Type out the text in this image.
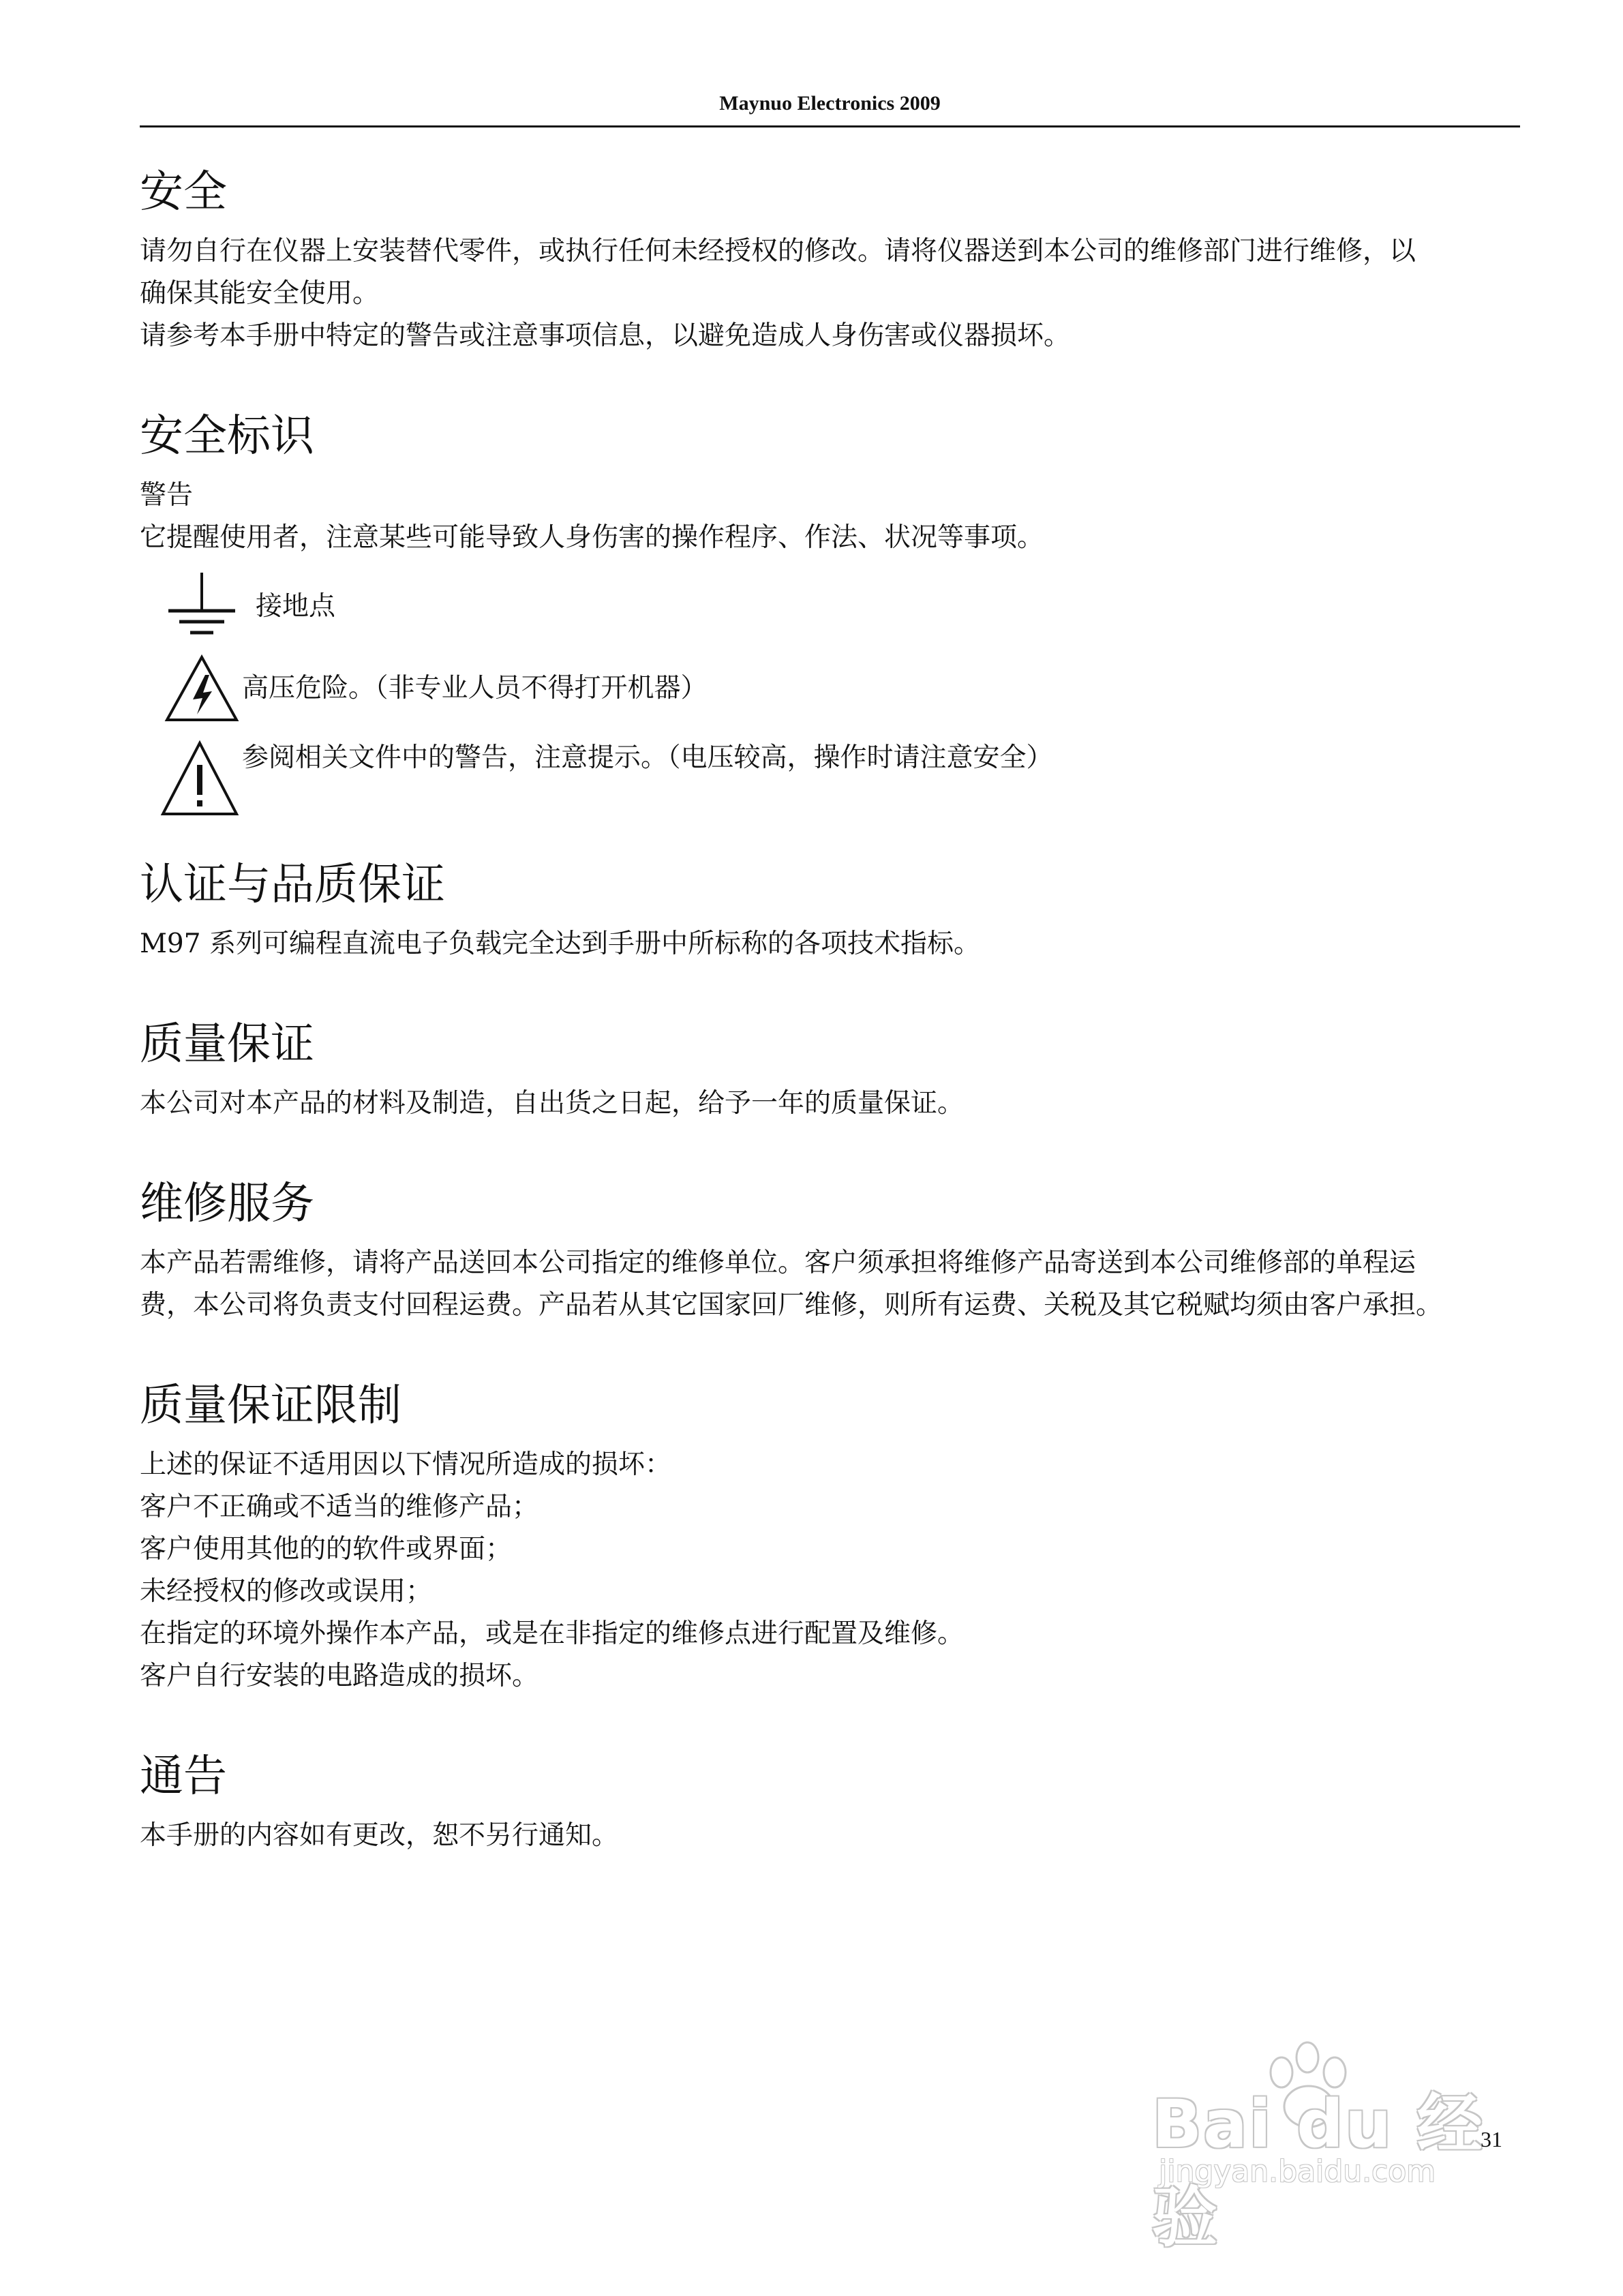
Maynuo Electronics 2009
安全

请勿自行在仪器上安装替代零件，或执行任何未经授权的修改。请将仪器送到本公司的维修部门进行维修，以

确保其能安全使用。

请参考本手册中特定的警告或注意事项信息，以避免造成人身伤害或仪器损坏。

安全标识

警告

它提醒使用者，注意某些可能导致人身伤害的操作程序、作法、状况等事项。

接地点
高压危险。（非专业人员不得打开机器）
参阅相关文件中的警告，注意提示。（电压较高，操作时请注意安全）
认证与品质保证

M97 系列可编程直流电子负载完全达到手册中所标称的各项技术指标。

质量保证

本公司对本产品的材料及制造，自出货之日起，给予一年的质量保证。

维修服务

本产品若需维修，请将产品送回本公司指定的维修单位。客户须承担将维修产品寄送到本公司维修部的单程运

费，本公司将负责支付回程运费。产品若从其它国家回厂维修，则所有运费、关税及其它税赋均须由客户承担。

质量保证限制

上述的保证不适用因以下情况所造成的损坏：

客户不正确或不适当的维修产品；

客户使用其他的的软件或界面；

未经授权的修改或误用；

在指定的环境外操作本产品，或是在非指定的维修点进行配置及维修。

客户自行安装的电路造成的损坏。

通告

本手册的内容如有更改，恕不另行通知。

Bai du 经验
jingyan.baidu.com
31
